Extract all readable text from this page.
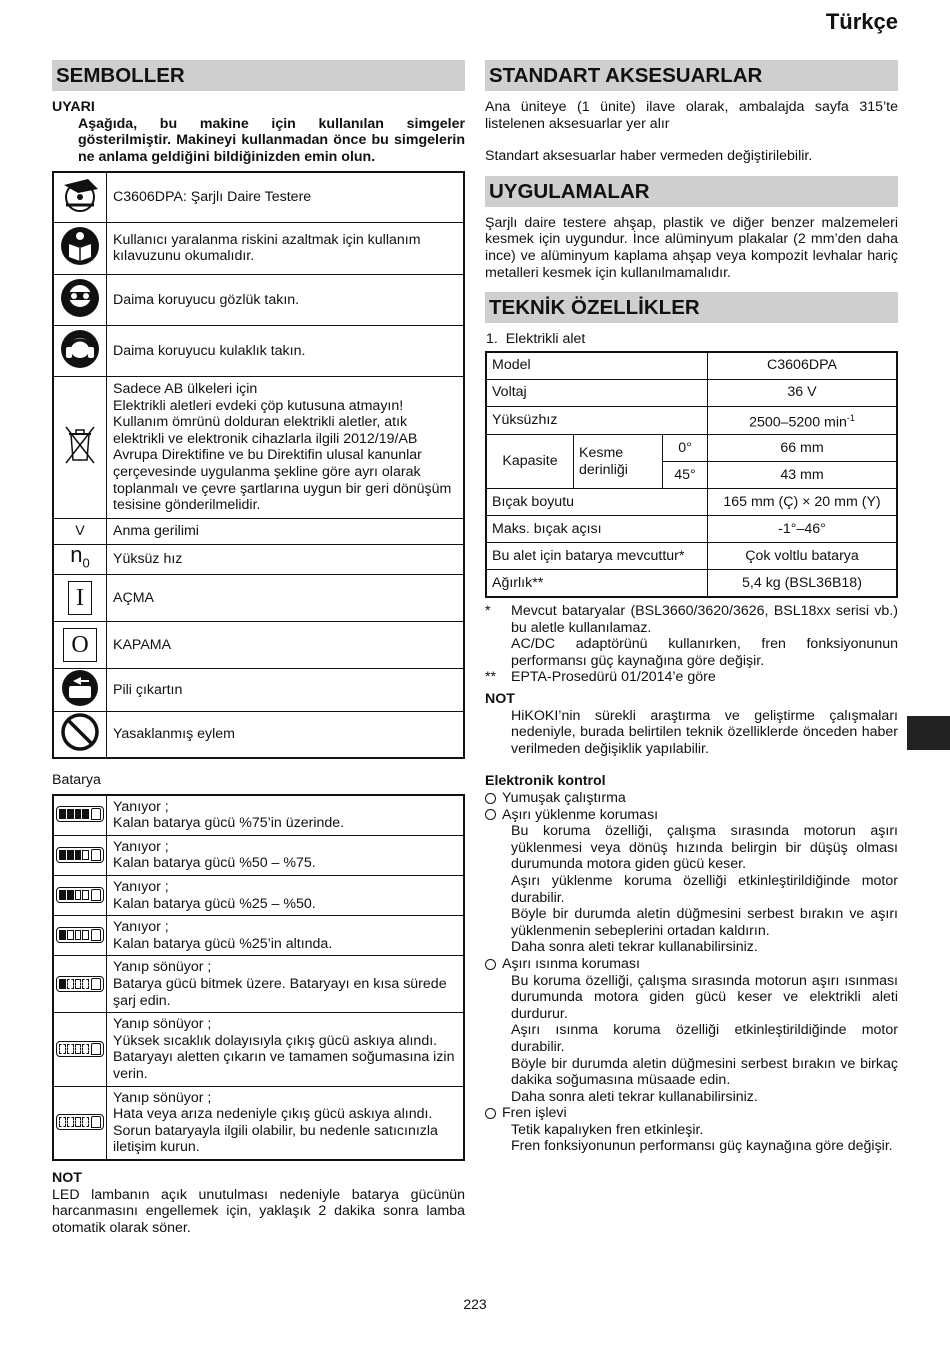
Türkçe
SEMBOLLER
UYARI
Aşağıda, bu makine için kullanılan simgeler gösterilmiştir. Makineyi kullanmadan önce bu simgelerin ne anlama geldiğini bildiğinizden emin olun.
	C3606DPA: Şarjlı Daire Testere
	Kullanıcı yaralanma riskini azaltmak için kullanım kılavuzunu okumalıdır.
	Daima koruyucu gözlük takın.
	Daima koruyucu kulaklık takın.
	Sadece AB ülkeleri için
Elektrikli aletleri evdeki çöp kutusuna atmayın!
Kullanım ömrünü dolduran elektrikli aletler, atık elektrikli ve elektronik cihazlarla ilgili 2012/19/AB Avrupa Direktifine ve bu Direktifin ulusal kanunlar çerçevesinde uygulanma şekline göre ayrı olarak toplanmalı ve çevre şartlarına uygun bir geri dönüşüm tesisine gönderilmelidir.
V	Anma gerilimi
$n_0$	Yüksüz hız
I	AÇMA
O	KAPAMA
	Pili çıkartın
	Yasaklanmış eylem
Batarya
	Yanıyor ;
Kalan batarya gücü %75’in üzerinde.

	Yanıyor ;
Kalan batarya gücü %50 – %75.

	Yanıyor ;
Kalan batarya gücü %25 – %50.

	Yanıyor ;
Kalan batarya gücü %25’in altında.

	Yanıp sönüyor ;
Batarya gücü bitmek üzere. Bataryayı en kısa sürede şarj edin.

	Yanıp sönüyor ;
Yüksek sıcaklık dolayısıyla çıkış gücü askıya alındı. Bataryayı aletten çıkarın ve tamamen soğumasına izin verin.

	Yanıp sönüyor ;
Hata veya arıza nedeniyle çıkış gücü askıya alındı. Sorun bataryayla ilgili olabilir, bu nedenle satıcınızla iletişim kurun.
NOT
LED lambanın açık unutulması nedeniyle batarya gücünün harcanmasını engellemek için, yaklaşık 2 dakika sonra lamba otomatik olarak söner.
STANDART AKSESUARLAR
Ana üniteye (1 ünite) ilave olarak, ambalajda sayfa 315’te listelenen aksesuarlar yer alır
Standart aksesuarlar haber vermeden değiştirilebilir.
UYGULAMALAR
Şarjlı daire testere ahşap, plastik ve diğer benzer malzemeleri kesmek için uygundur. İnce alüminyum plakalar (2 mm’den daha ince) ve alüminyum kaplama ahşap veya kompozit levhalar hariç metalleri kesmek için kullanılmamalıdır.
TEKNİK ÖZELLİKLER
1.  Elektrikli alet
Model			C3606DPA
Voltaj			36 V
Yüksüzhız			2500–5200 $\min^{-1}$
Kapasite	Kesme derinliği	0°	66 mm
		45°	43 mm
Bıçak boyutu			165 mm (Ç) × 20 mm (Y)
Maks. bıçak açısı			-1°–46°
Bu alet için batarya mevcuttur*			Çok voltlu batarya
Ağırlık**			5,4 kg (BSL36B18)
*	Mevcut bataryalar (BSL3660/3620/3626, BSL18xx serisi vb.) bu aletle kullanılamaz.
AC/DC adaptörünü kullanırken, fren fonksiyonunun performansı güç kaynağına göre değişir.
**	EPTA-Prosedürü 01/2014’e göre
NOT
HiKOKI’nin sürekli araştırma ve geliştirme çalışmaları nedeniyle, burada belirtilen teknik özelliklerde önceden haber verilmeden değişiklik yapılabilir.
Elektronik kontrol
Yumuşak çalıştırma
Aşırı yüklenme koruması
Bu koruma özelliği, çalışma sırasında motorun aşırı yüklenmesi veya dönüş hızında belirgin bir düşüş olması durumunda motora giden gücü keser.
Aşırı yüklenme koruma özelliği etkinleştirildiğinde motor durabilir.
Böyle bir durumda aletin düğmesini serbest bırakın ve aşırı yüklenmenin sebeplerini ortadan kaldırın.
Daha sonra aleti tekrar kullanabilirsiniz.
Aşırı ısınma koruması
Bu koruma özelliği, çalışma sırasında motorun aşırı ısınması durumunda motora giden gücü keser ve elektrikli aleti durdurur.
Aşırı ısınma koruma özelliği etkinleştirildiğinde motor durabilir.
Böyle bir durumda aletin düğmesini serbest bırakın ve birkaç dakika soğumasına müsaade edin.
Daha sonra aleti tekrar kullanabilirsiniz.
Fren işlevi
Tetik kapalıyken fren etkinleşir.
Fren fonksiyonunun performansı güç kaynağına göre değişir.
223
